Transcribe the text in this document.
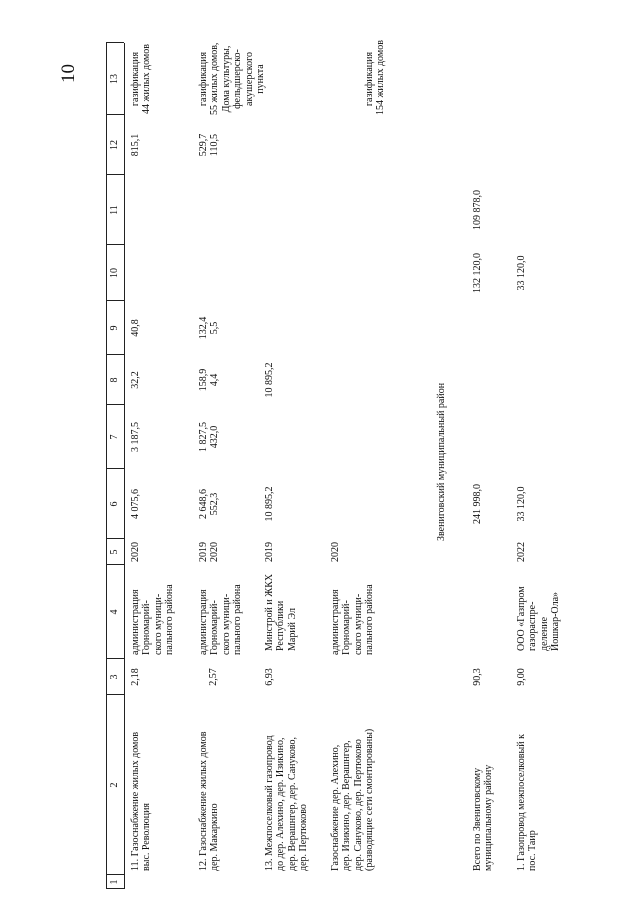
10
1
2
3
4
5
6
7
8
9
10
11
12
13
11. Газоснабжение жилых домов
выс. Революция
2,18
администрация
Горномарий-
ского муници-
пального района
2020
4 075,6
3 187,5
32,2
40,8
815,1
газификация
44 жилых домов
12. Газоснабжение жилых домов
дер. Макаркино
2,57
администрация
Горномарий-
ского муници-
пального района
2019
2020
2 648,6
552,3
1 827,5
432,0
158,9
4,4
132,4
5,5
529,7
110,5
газификация
55 жилых домов,
Дома культуры,
фельдшерско-
акушерского
пункта
13. Межпоселковый газопровод
до дер. Алехино, дер. Изикино,
дер. Верашнгер, дер. Сануково,
дер. Пертюково
6,93
Минстрой и ЖКХ
Республики
Марий Эл
2019
10 895,2
10 895,2
Газоснабжение дер. Алехино,
дер. Изикино, дер. Верашнгер,
дер. Сануково, дер. Пертюково
(разводящие сети смонтированы)
администрация
Горномарий-
ского муници-
пального района
2020
газификация
154 жилых домов
Звениговский муниципальный район
Всего по Звениговскому
муниципальному району
90,3
241 998,0
132 120,0
109 878,0
1. Газопровод межпоселковый к
пос. Таир
9,00
ООО «Газпром
газораспре-
деление
Йошкар-Ола»
2022
33 120,0
33 120,0
